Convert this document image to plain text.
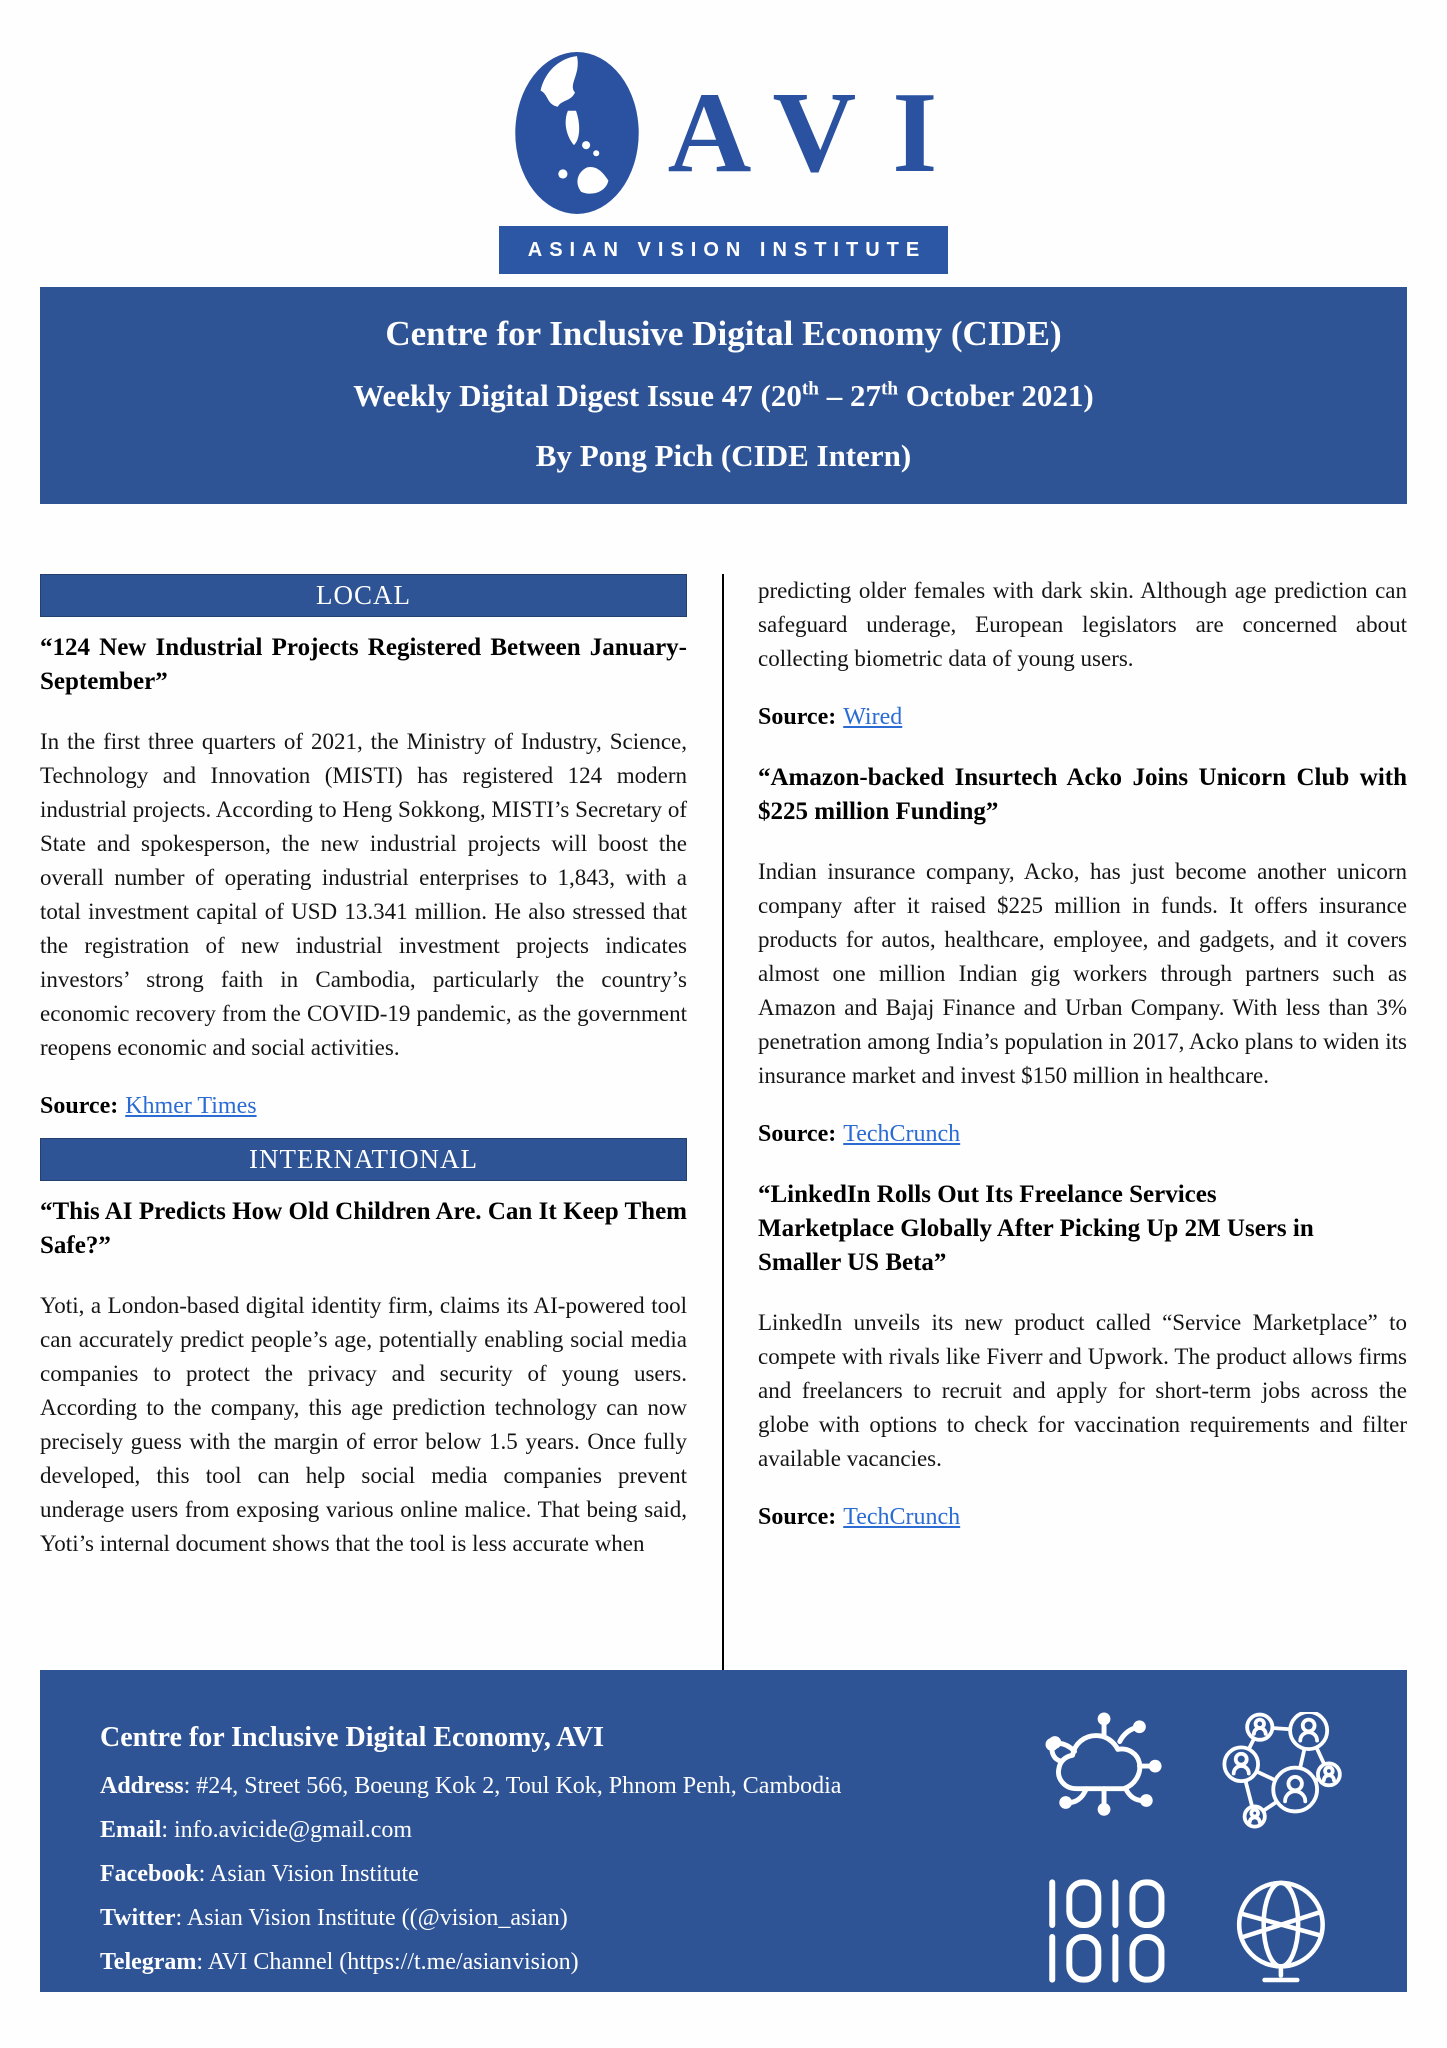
AVI
ASIAN VISION INSTITUTE
Centre for Inclusive Digital Economy (CIDE)
Weekly Digital Digest Issue 47 (20th – 27th October 2021)
By Pong Pich (CIDE Intern)
LOCAL
“124 New Industrial Projects Registered Between January- September”
In the first three quarters of 2021, the Ministry of Industry, Science, Technology and Innovation (MISTI) has registered 124 modern industrial projects. According to Heng Sokkong, MISTI’s Secretary of State and spokesperson, the new industrial projects will boost the overall number of operating industrial enterprises to 1,843, with a total investment capital of USD 13.341 million. He also stressed that the registration of new industrial investment projects indicates investors’ strong faith in Cambodia, particularly the country’s economic recovery from the COVID-19 pandemic, as the government reopens economic and social activities.
Source: Khmer Times
INTERNATIONAL
“This AI Predicts How Old Children Are. Can It Keep Them Safe?”
Yoti, a London-based digital identity firm, claims its AI-powered tool can accurately predict people’s age, potentially enabling social media companies to protect the privacy and security of young users. According to the company, this age prediction technology can now precisely guess with the margin of error below 1.5 years. Once fully developed, this tool can help social media companies prevent underage users from exposing various online malice. That being said, Yoti’s internal document shows that the tool is less accurate when
predicting older females with dark skin. Although age prediction can safeguard underage, European legislators are concerned about collecting biometric data of young users.
Source: Wired
“Amazon-backed Insurtech Acko Joins Unicorn Club with $225 million Funding”
Indian insurance company, Acko, has just become another unicorn company after it raised $225 million in funds. It offers insurance products for autos, healthcare, employee, and gadgets, and it covers almost one million Indian gig workers through partners such as Amazon and Bajaj Finance and Urban Company. With less than 3% penetration among India’s population in 2017, Acko plans to widen its insurance market and invest $150 million in healthcare.
Source: TechCrunch
“LinkedIn Rolls Out Its Freelance Services
Marketplace Globally After Picking Up 2M Users in
Smaller US Beta”
LinkedIn unveils its new product called “Service Marketplace” to compete with rivals like Fiverr and Upwork. The product allows firms and freelancers to recruit and apply for short-term jobs across the globe with options to check for vaccination requirements and filter available vacancies.
Source: TechCrunch
Centre for Inclusive Digital Economy, AVI
Address: #24, Street 566, Boeung Kok 2, Toul Kok, Phnom Penh, Cambodia
Email: info.avicide@gmail.com
Facebook: Asian Vision Institute
Twitter: Asian Vision Institute ((@vision_asian)
Telegram: AVI Channel (https://t.me/asianvision)
